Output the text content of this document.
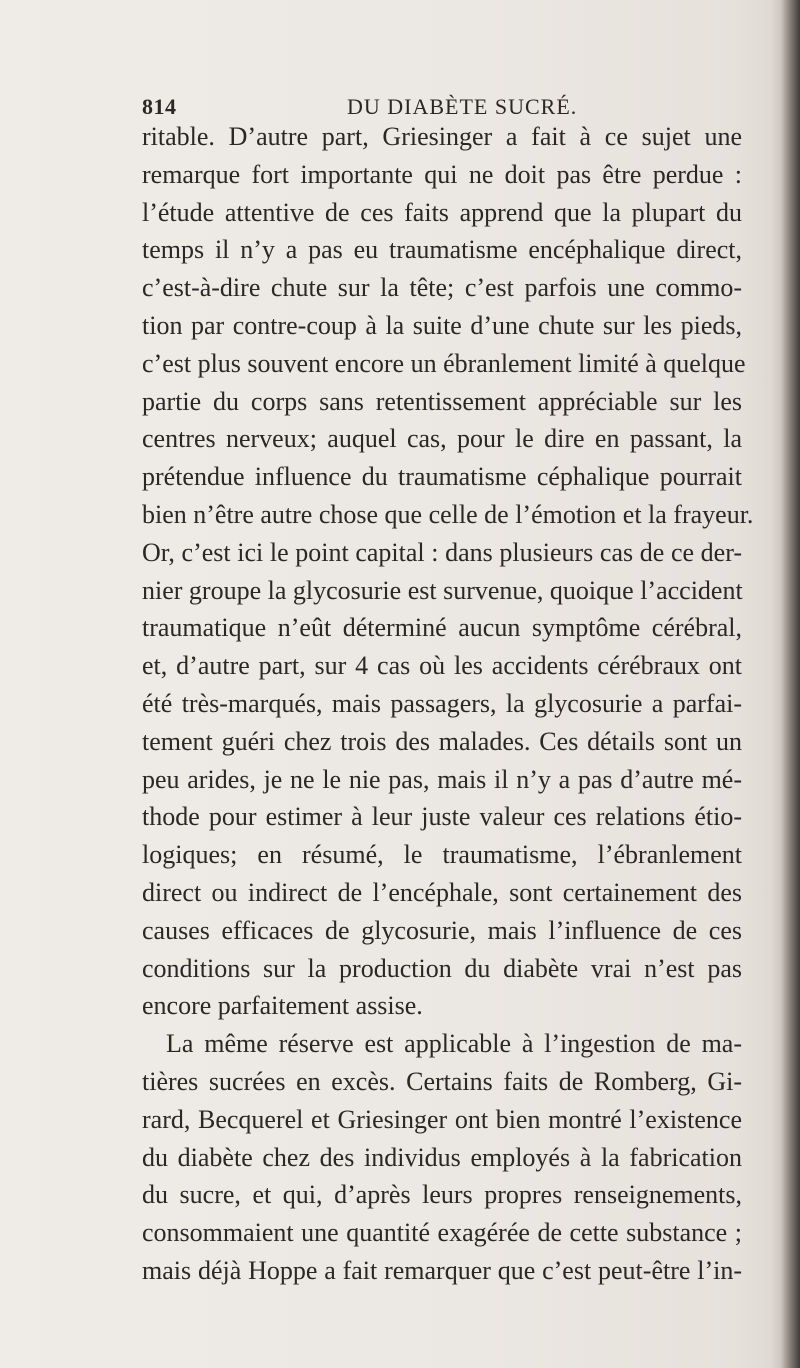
814	DU DIABÈTE SUCRÉ.
ritable. D’autre part, Griesinger a fait à ce sujet une
remarque fort importante qui ne doit pas être perdue :
l’étude attentive de ces faits apprend que la plupart du
temps il n’y a pas eu traumatisme encéphalique direct,
c’est-à-dire chute sur la tête; c’est parfois une commo-
tion par contre-coup à la suite d’une chute sur les pieds,
c’est plus souvent encore un ébranlement limité à quelque
partie du corps sans retentissement appréciable sur les
centres nerveux; auquel cas, pour le dire en passant, la
prétendue influence du traumatisme céphalique pourrait
bien n’être autre chose que celle de l’émotion et la frayeur.
Or, c’est ici le point capital : dans plusieurs cas de ce der-
nier groupe la glycosurie est survenue, quoique l’accident
traumatique n’eût déterminé aucun symptôme cérébral,
et, d’autre part, sur 4 cas où les accidents cérébraux ont
été très-marqués, mais passagers, la glycosurie a parfai-
tement guéri chez trois des malades. Ces détails sont un
peu arides, je ne le nie pas, mais il n’y a pas d’autre mé-
thode pour estimer à leur juste valeur ces relations étio-
logiques; en résumé, le traumatisme, l’ébranlement
direct ou indirect de l’encéphale, sont certainement des
causes efficaces de glycosurie, mais l’influence de ces
conditions sur la production du diabète vrai n’est pas
encore parfaitement assise.
La même réserve est applicable à l’ingestion de ma-
tières sucrées en excès. Certains faits de Romberg, Gi-
rard, Becquerel et Griesinger ont bien montré l’existence
du diabète chez des individus employés à la fabrication
du sucre, et qui, d’après leurs propres renseignements,
consommaient une quantité exagérée de cette substance ;
mais déjà Hoppe a fait remarquer que c’est peut-être l’in-
